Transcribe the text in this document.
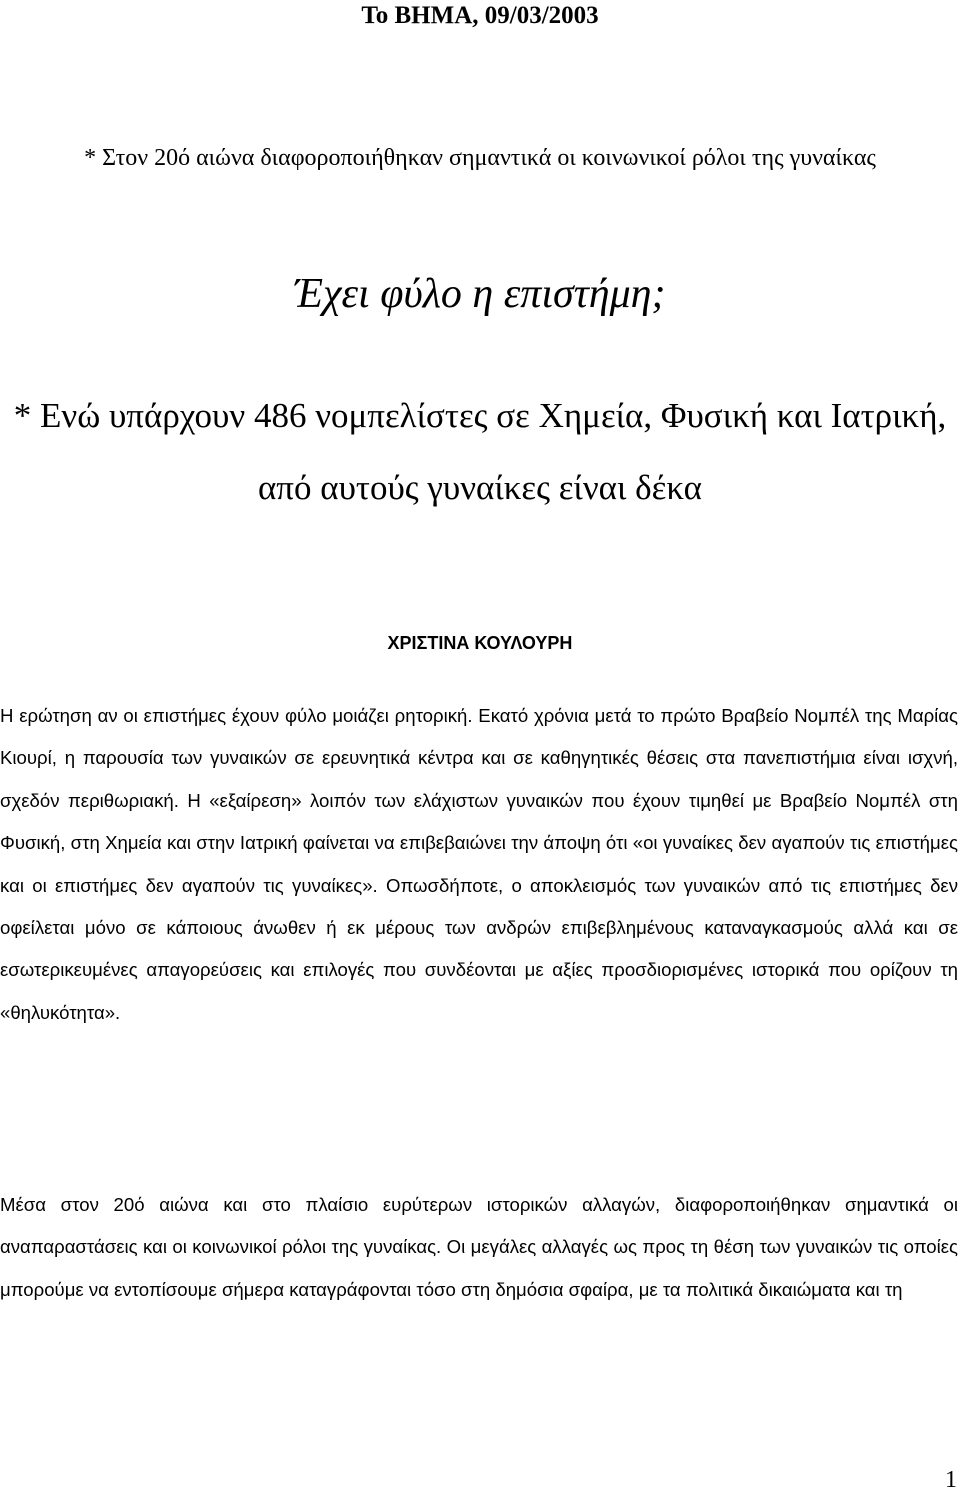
Το ΒΗΜΑ, 09/03/2003
* Στον 20ό αιώνα διαφοροποιήθηκαν σημαντικά οι κοινωνικοί ρόλοι της γυναίκας
Έχει φύλο η επιστήμη;
* Ενώ υπάρχουν 486 νομπελίστες σε Χημεία, Φυσική και Ιατρική, από αυτούς γυναίκες είναι δέκα
ΧΡΙΣΤΙΝΑ ΚΟΥΛΟΥΡΗ

Η ερώτηση αν οι επιστήμες έχουν φύλο μοιάζει ρητορική. Εκατό χρόνια μετά το πρώτο Βραβείο Νομπέλ της Μαρίας Κιουρί, η παρουσία των γυναικών σε ερευνητικά κέντρα και σε καθηγητικές θέσεις στα πανεπιστήμια είναι ισχνή, σχεδόν περιθωριακή. Η «εξαίρεση» λοιπόν των ελάχιστων γυναικών που έχουν τιμηθεί με Βραβείο Νομπέλ στη Φυσική, στη Χημεία και στην Ιατρική φαίνεται να επιβεβαιώνει την άποψη ότι «οι γυναίκες δεν αγαπούν τις επιστήμες και οι επιστήμες δεν αγαπούν τις γυναίκες». Οπωσδήποτε, ο αποκλεισμός των γυναικών από τις επιστήμες δεν οφείλεται μόνο σε κάποιους άνωθεν ή εκ μέρους των ανδρών επιβεβλημένους καταναγκασμούς αλλά και σε εσωτερικευμένες απαγορεύσεις και επιλογές που συνδέονται με αξίες προσδιορισμένες ιστορικά που ορίζουν τη «θηλυκότητα».

Μέσα στον 20ό αιώνα και στο πλαίσιο ευρύτερων ιστορικών αλλαγών, διαφοροποιήθηκαν σημαντικά οι αναπαραστάσεις και οι κοινωνικοί ρόλοι της γυναίκας. Οι μεγάλες αλλαγές ως προς τη θέση των γυναικών τις οποίες μπορούμε να εντοπίσουμε σήμερα καταγράφονται τόσο στη δημόσια σφαίρα, με τα πολιτικά δικαιώματα και τη

1
